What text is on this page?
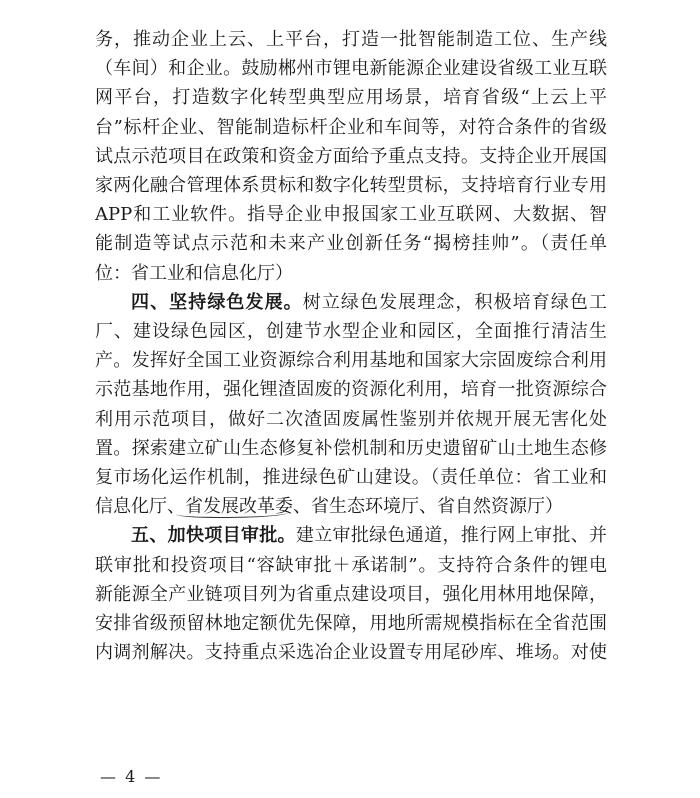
务，推动企业上云、上平台，打造一批智能制造工位、生产线
（车间）和企业。鼓励郴州市锂电新能源企业建设省级工业互联
网平台，打造数字化转型典型应用场景，培育省级“上云上平
台”标杆企业、智能制造标杆企业和车间等，对符合条件的省级
试点示范项目在政策和资金方面给予重点支持。支持企业开展国
家两化融合管理体系贯标和数字化转型贯标，支持培育行业专用
APP和工业软件。指导企业申报国家工业互联网、大数据、智
能制造等试点示范和未来产业创新任务“揭榜挂帅”。（责任单
位：省工业和信息化厅）
四、坚持绿色发展。树立绿色发展理念，积极培育绿色工
厂、建设绿色园区，创建节水型企业和园区，全面推行清洁生
产。发挥好全国工业资源综合利用基地和国家大宗固废综合利用
示范基地作用，强化锂渣固废的资源化利用，培育一批资源综合
利用示范项目，做好二次渣固废属性鉴别并依规开展无害化处
置。探索建立矿山生态修复补偿机制和历史遗留矿山土地生态修
复市场化运作机制，推进绿色矿山建设。（责任单位：省工业和
信息化厅、省发展改革委、省生态环境厅、省自然资源厅）
五、加快项目审批。建立审批绿色通道，推行网上审批、并
— 4 —
联审批和投资项目“容缺审批＋承诺制”。支持符合条件的锂电
新能源全产业链项目列为省重点建设项目，强化用林用地保障，
安排省级预留林地定额优先保障，用地所需规模指标在全省范围
内调剂解决。支持重点采选冶企业设置专用尾砂库、堆场。对使
